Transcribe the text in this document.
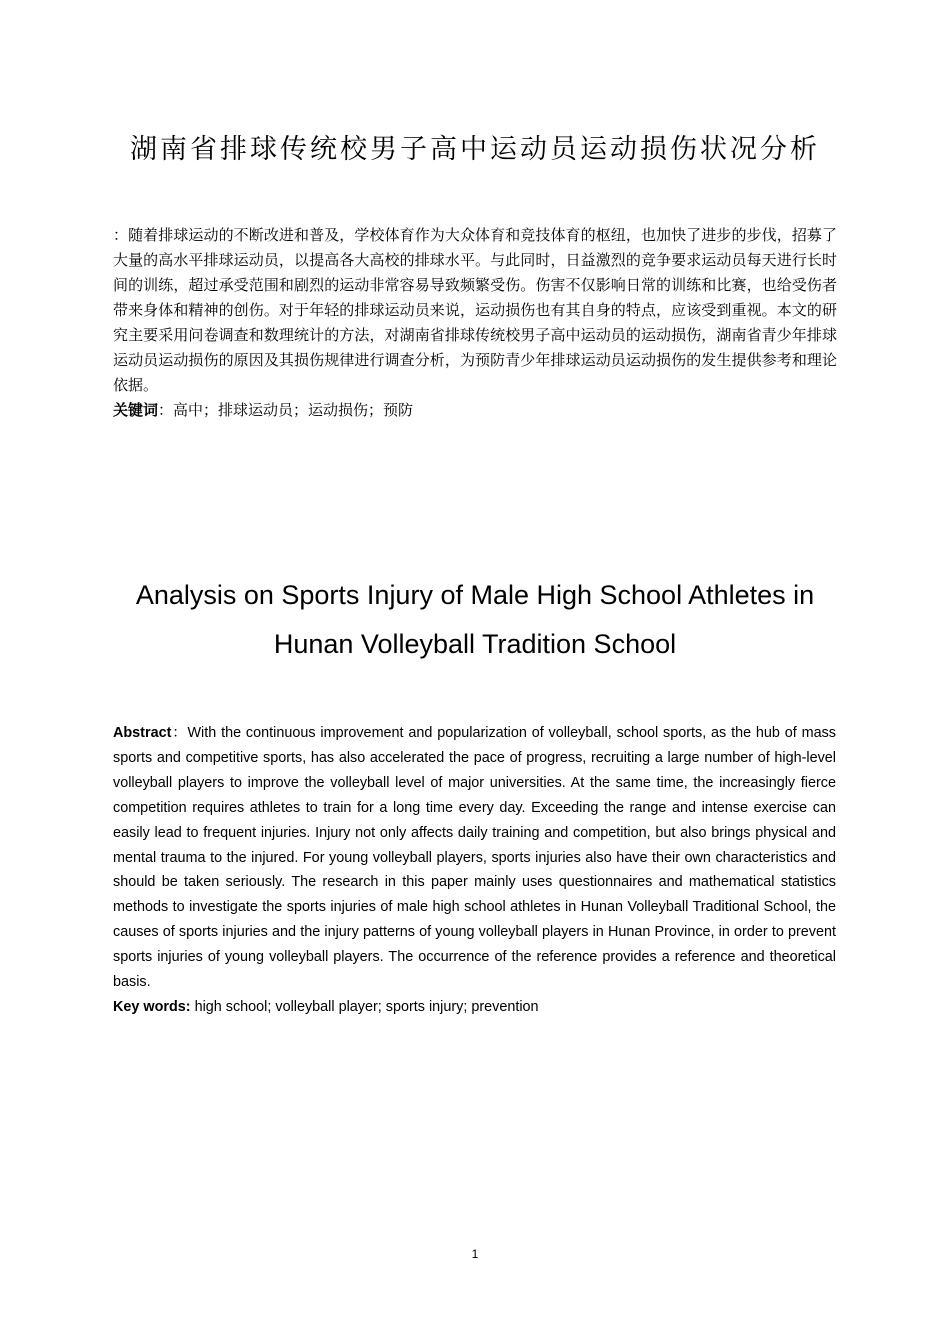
湖南省排球传统校男子高中运动员运动损伤状况分析

：随着排球运动的不断改进和普及，学校体育作为大众体育和竞技体育的枢纽，也加快了进步的步伐，招募了大量的高水平排球运动员，以提高各大高校的排球水平。与此同时，日益激烈的竞争要求运动员每天进行长时间的训练，超过承受范围和剧烈的运动非常容易导致频繁受伤。伤害不仅影响日常的训练和比赛，也给受伤者带来身体和精神的创伤。对于年轻的排球运动员来说，运动损伤也有其自身的特点，应该受到重视。本文的研究主要采用问卷调查和数理统计的方法，对湖南省排球传统校男子高中运动员的运动损伤，湖南省青少年排球运动员运动损伤的原因及其损伤规律进行调查分析，为预防青少年排球运动员运动损伤的发生提供参考和理论依据。

关键词：高中；排球运动员；运动损伤；预防

Analysis on Sports Injury of Male High School Athletes in
Hunan Volleyball Tradition School

Abstract：With the continuous improvement and popularization of volleyball, school sports, as the hub of mass sports and competitive sports, has also accelerated the pace of progress, recruiting a large number of high-level volleyball players to improve the volleyball level of major universities. At the same time, the increasingly fierce competition requires athletes to train for a long time every day. Exceeding the range and intense exercise can easily lead to frequent injuries. Injury not only affects daily training and competition, but also brings physical and mental trauma to the injured. For young volleyball players, sports injuries also have their own characteristics and should be taken seriously. The research in this paper mainly uses questionnaires and mathematical statistics methods to investigate the sports injuries of male high school athletes in Hunan Volleyball Traditional School, the causes of sports injuries and the injury patterns of young volleyball players in Hunan Province, in order to prevent sports injuries of young volleyball players. The occurrence of the reference provides a reference and theoretical basis.

Key words: high school; volleyball player; sports injury; prevention

1
